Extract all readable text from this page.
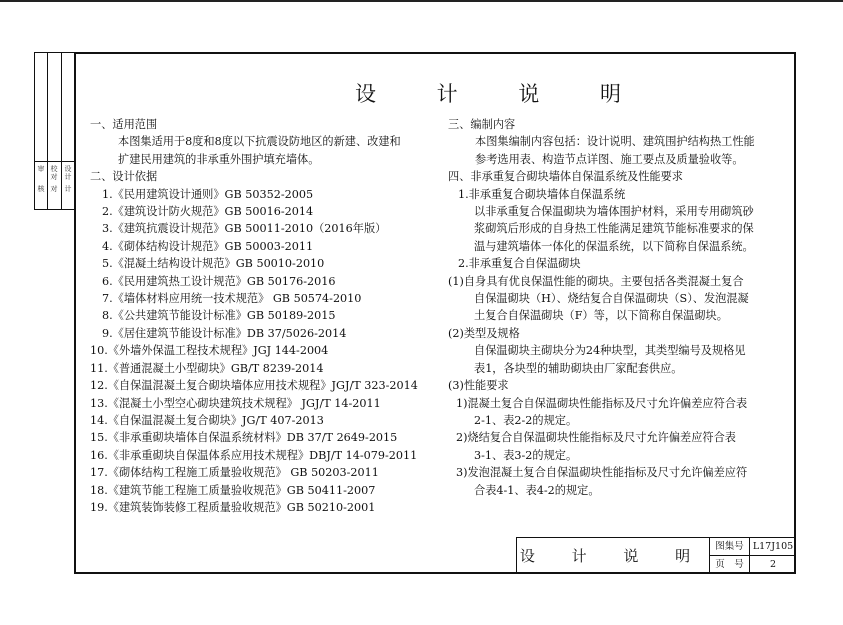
审 校对
设计
核 对	计
设 计 说 明
一、适用范围
本图集适用于8度和8度以下抗震设防地区的新建、改建和
扩建民用建筑的非承重外围护填充墙体。
二、设计依据
1.《民用建筑设计通则》GB 50352-2005
2.《建筑设计防火规范》GB 50016-2014
3.《建筑抗震设计规范》GB 50011-2010（2016年版）
4.《砌体结构设计规范》GB 50003-2011
5.《混凝土结构设计规范》GB 50010-2010
6.《民用建筑热工设计规范》GB 50176-2016
7.《墙体材料应用统一技术规范》 GB 50574-2010
8.《公共建筑节能设计标准》GB 50189-2015
9.《居住建筑节能设计标准》DB 37/5026-2014
10.《外墙外保温工程技术规程》JGJ 144-2004
11.《普通混凝土小型砌块》GB/T 8239-2014
12.《自保温混凝土复合砌块墙体应用技术规程》JGJ/T 323-2014
13.《混凝土小型空心砌块建筑技术规程》 JGJ/T 14-2011
14.《自保温混凝土复合砌块》JG/T 407-2013
15.《非承重砌块墙体自保温系统材料》DB 37/T 2649-2015
16.《非承重砌块自保温体系应用技术规程》DBJ/T 14-079-2011
17.《砌体结构工程施工质量验收规范》 GB 50203-2011
18.《建筑节能工程施工质量验收规范》GB 50411-2007
19.《建筑装饰装修工程质量验收规范》GB 50210-2001
三、编制内容
本图集编制内容包括：设计说明、建筑围护结构热工性能
参考选用表、构造节点详图、施工要点及质量验收等。
四、非承重复合砌块墙体自保温系统及性能要求
1.非承重复合砌块墙体自保温系统
以非承重复合保温砌块为墙体围护材料，采用专用砌筑砂
浆砌筑后形成的自身热工性能满足建筑节能标准要求的保
温与建筑墙体一体化的保温系统，以下简称自保温系统。
2.非承重复合自保温砌块
(1)自身具有优良保温性能的砌块。主要包括各类混凝土复合
自保温砌块（H）、烧结复合自保温砌块（S）、发泡混凝
土复合自保温砌块（F）等，以下简称自保温砌块。
(2)类型及规格
自保温砌块主砌块分为24种块型，其类型编号及规格见
表1，各块型的辅助砌块由厂家配套供应。
(3)性能要求
1)混凝土复合自保温砌块性能指标及尺寸允许偏差应符合表
2-1、表2-2的规定。
2)烧结复合自保温砌块性能指标及尺寸允许偏差应符合表
3-1、表3-2的规定。
3)发泡混凝土复合自保温砌块性能指标及尺寸允许偏差应符
合表4-1、表4-2的规定。
设 计 说 明
图集号 L17J105
页　号	2
